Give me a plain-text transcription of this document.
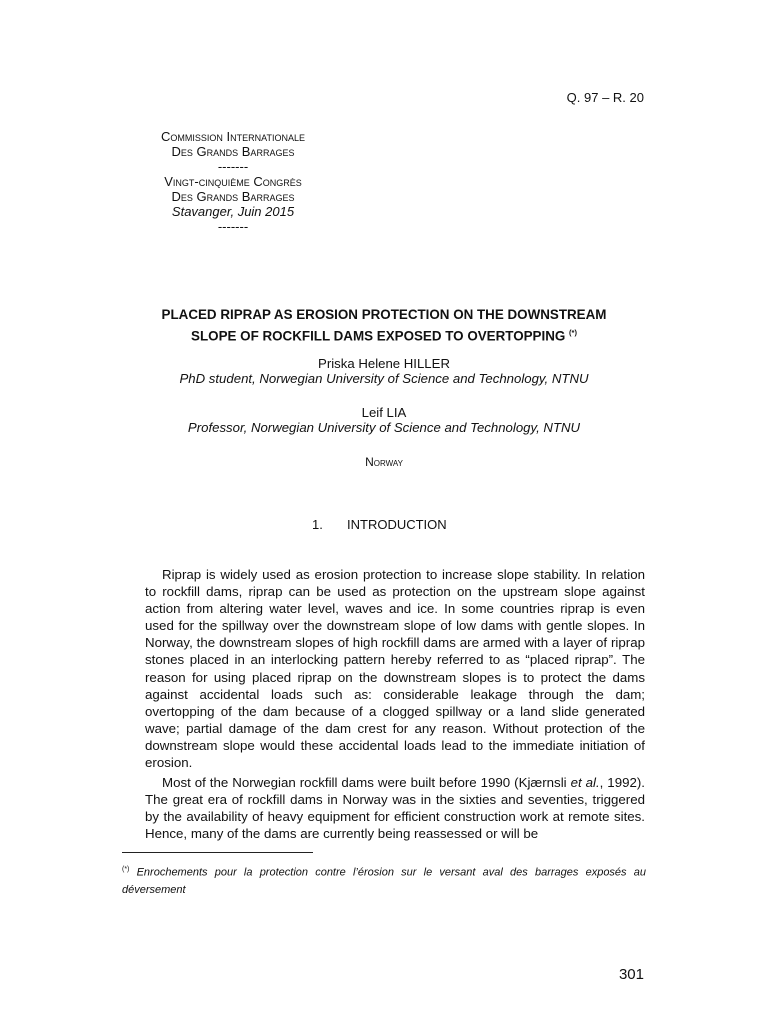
Q. 97 – R. 20
Commission Internationale
Des Grands Barrages
-------
Vingt-cinquième Congrès
Des Grands Barrages
Stavanger, Juin 2015
-------
PLACED RIPRAP AS EROSION PROTECTION ON THE DOWNSTREAM
SLOPE OF ROCKFILL DAMS EXPOSED TO OVERTOPPING (*)
Priska Helene HILLER
PhD student, Norwegian University of Science and Technology, NTNU
Leif LIA
Professor, Norwegian University of Science and Technology, NTNU
Norway
1. INTRODUCTION

Riprap is widely used as erosion protection to increase slope stability. In relation to rockfill dams, riprap can be used as protection on the upstream slope against action from altering water level, waves and ice. In some countries riprap is even used for the spillway over the downstream slope of low dams with gentle slopes. In Norway, the downstream slopes of high rockfill dams are armed with a layer of riprap stones placed in an interlocking pattern hereby referred to as “placed riprap”. The reason for using placed riprap on the downstream slopes is to protect the dams against accidental loads such as: considerable leakage through the dam; overtopping of the dam because of a clogged spillway or a land slide generated wave; partial damage of the dam crest for any reason. Without protection of the downstream slope would these accidental loads lead to the immediate initiation of erosion.

Most of the Norwegian rockfill dams were built before 1990 (Kjærnsli et al., 1992). The great era of rockfill dams in Norway was in the sixties and seventies, triggered by the availability of heavy equipment for efficient construction work at remote sites. Hence, many of the dams are currently being reassessed or will be

(*) Enrochements pour la protection contre l’érosion sur le versant aval des barrages exposés au déversement
301
